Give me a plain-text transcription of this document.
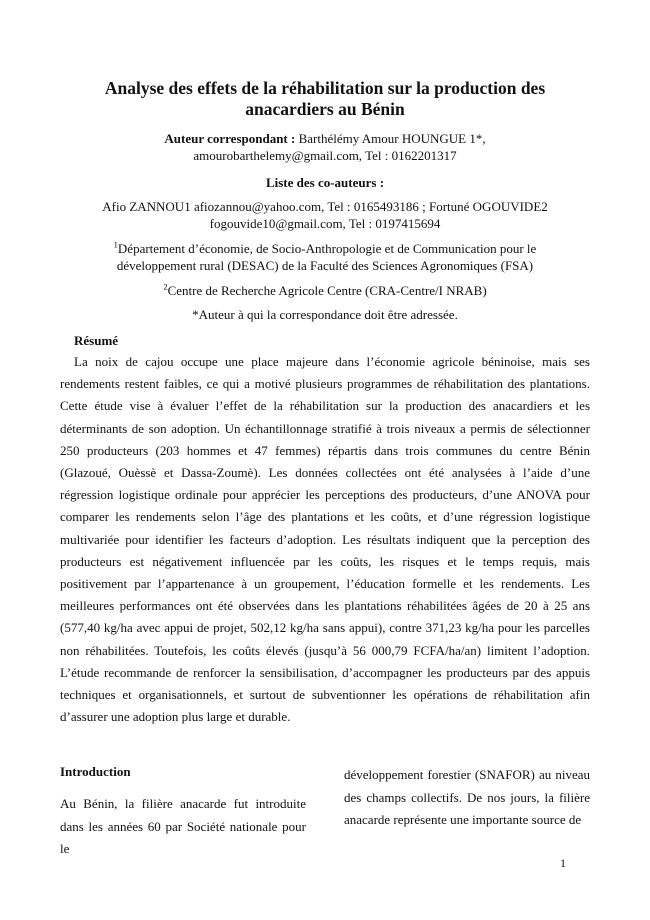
Analyse des effets de la réhabilitation sur la production des anacardiers au Bénin
Auteur correspondant : Barthélémy Amour HOUNGUE 1*,
amourobarthelemy@gmail.com, Tel : 0162201317
Liste des co-auteurs :
Afio ZANNOU1 afiozannou@yahoo.com, Tel : 0165493186 ; Fortuné OGOUVIDE2
fogouvide10@gmail.com, Tel : 0197415694
$^1$Département d’économie, de Socio-Anthropologie et de Communication pour le
développement rural (DESAC) de la Faculté des Sciences Agronomiques (FSA)
$^2$Centre de Recherche Agricole Centre (CRA-Centre/I NRAB)
*Auteur à qui la correspondance doit être adressée.
Résumé

La noix de cajou occupe une place majeure dans l’économie agricole béninoise, mais ses rendements restent faibles, ce qui a motivé plusieurs programmes de réhabilitation des plantations. Cette étude vise à évaluer l’effet de la réhabilitation sur la production des anacardiers et les déterminants de son adoption. Un échantillonnage stratifié à trois niveaux a permis de sélectionner 250 producteurs (203 hommes et 47 femmes) répartis dans trois communes du centre Bénin (Glazoué, Ouèssè et Dassa-Zoumè). Les données collectées ont été analysées à l’aide d’une régression logistique ordinale pour apprécier les perceptions des producteurs, d’une ANOVA pour comparer les rendements selon l’âge des plantations et les coûts, et d’une régression logistique multivariée pour identifier les facteurs d’adoption. Les résultats indiquent que la perception des producteurs est négativement influencée par les coûts, les risques et le temps requis, mais positivement par l’appartenance à un groupement, l’éducation formelle et les rendements. Les meilleures performances ont été observées dans les plantations réhabilitées âgées de 20 à 25 ans (577,40 kg/ha avec appui de projet, 502,12 kg/ha sans appui), contre 371,23 kg/ha pour les parcelles non réhabilitées. Toutefois, les coûts élevés (jusqu’à 56 000,79 FCFA/ha/an) limitent l’adoption. L’étude recommande de renforcer la sensibilisation, d’accompagner les producteurs par des appuis techniques et organisationnels, et surtout de subventionner les opérations de réhabilitation afin d’assurer une adoption plus large et durable.

Introduction

Au Bénin, la filière anacarde fut introduite dans les années 60 par Société nationale pour le

développement forestier (SNAFOR) au niveau des champs collectifs. De nos jours, la filière anacarde représente une importante source de

1
